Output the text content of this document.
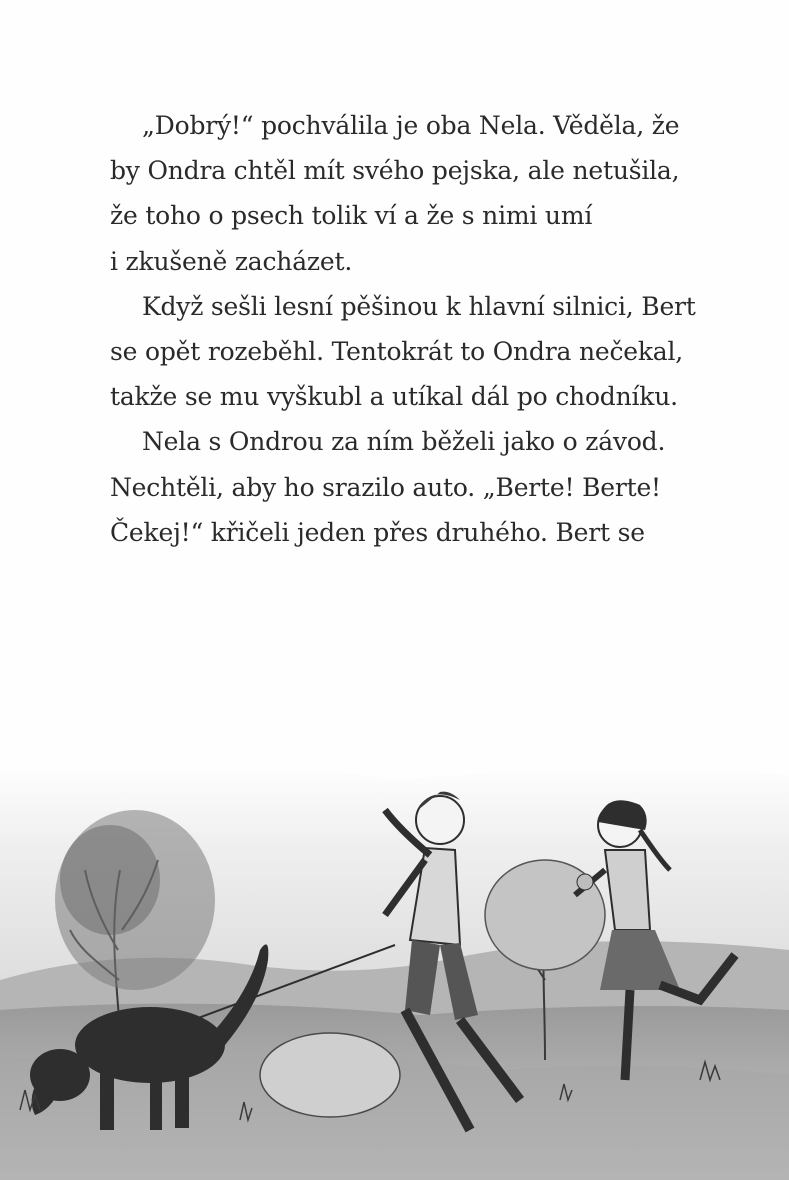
„Dobrý!“ pochválila je oba Nela. Věděla, že
by Ondra chtěl mít svého pejska, ale netušila,
že toho o psech tolik ví a že s nimi umí
i zkušeně zacházet.
Když sešli lesní pěšinou k hlavní silnici, Bert
se opět rozeběhl. Tentokrát to Ondra nečekal,
takže se mu vyškubl a utíkal dál po chodníku.
Nela s Ondrou za ním běželi jako o závod.
Nechtěli, aby ho srazilo auto. „Berte! Berte!
Čekej!“ křičeli jeden přes druhého. Bert se
